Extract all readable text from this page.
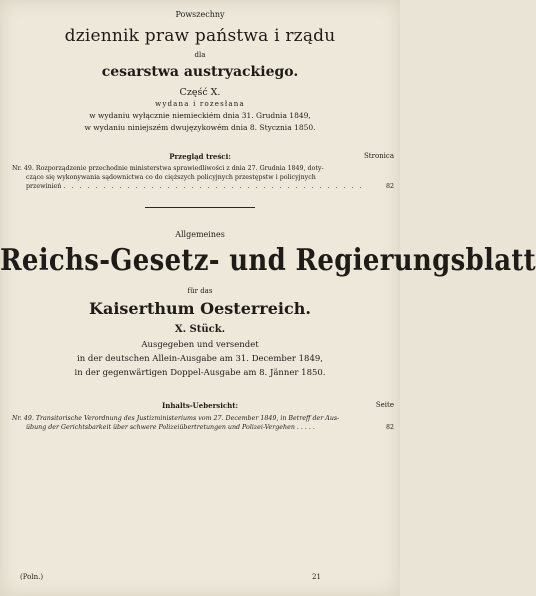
Powszechny
dziennik praw państwa i rządu
dla
cesarstwa austryackiego.
Część X.
wydana i rozesłana
w wydaniu wyłącznie niemieckiém dnia 31. Grudnia 1849,
w wydaniu niniejszém dwujęzykowém dnia 8. Stycznia 1850.
Przegląd treści:	Stronica
Nr. 49. Rozporządzenie przechodnie ministerstwa sprawiedliwości z dnia 27. Grudnia 1849, doty-
czące się wykonywania sądownictwa co do cięższych policyjnych przestępstw i policyjnych
przewinień . . . . . . . . . . . . . . . . . . . . . . . . . . . . . . . . . . . . . .	82
Allgemeines
Reichs-Gesetz- und Regierungsblatt
für das
Kaiserthum Oesterreich.
X. Stück.
Ausgegeben und versendet
in der deutschen Allein-Ausgabe am 31. December 1849,
in der gegenwärtigen Doppel-Ausgabe am 8. Jänner 1850.
Inhalts-Uebersicht:	Seite
Nr. 49. Transitorische Verordnung des Justizministeriums vom 27. December 1849, in Betreff der Aus-
übung der Gerichtsbarkeit über schwere Polizeiübertretungen und Polizei-Vergehen . . . . .	82
(Poln.)	21
